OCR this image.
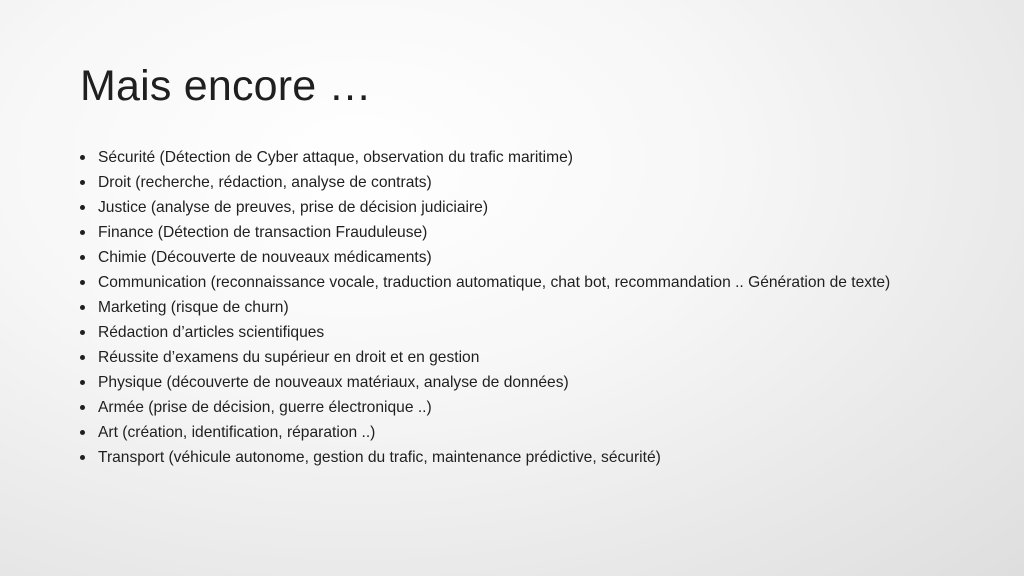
Mais encore …
Sécurité (Détection de Cyber attaque, observation du trafic maritime)
Droit (recherche, rédaction, analyse de contrats)
Justice (analyse de preuves, prise de décision judiciaire)
Finance (Détection de transaction Frauduleuse)
Chimie (Découverte de nouveaux médicaments)
Communication (reconnaissance vocale, traduction automatique, chat bot, recommandation .. Génération de texte)
Marketing (risque de churn)
Rédaction d’articles scientifiques
Réussite d’examens du supérieur en droit et en gestion
Physique (découverte de nouveaux matériaux, analyse de données)
Armée (prise de décision, guerre électronique ..)
Art (création, identification, réparation ..)
Transport (véhicule autonome, gestion du trafic, maintenance prédictive, sécurité)
